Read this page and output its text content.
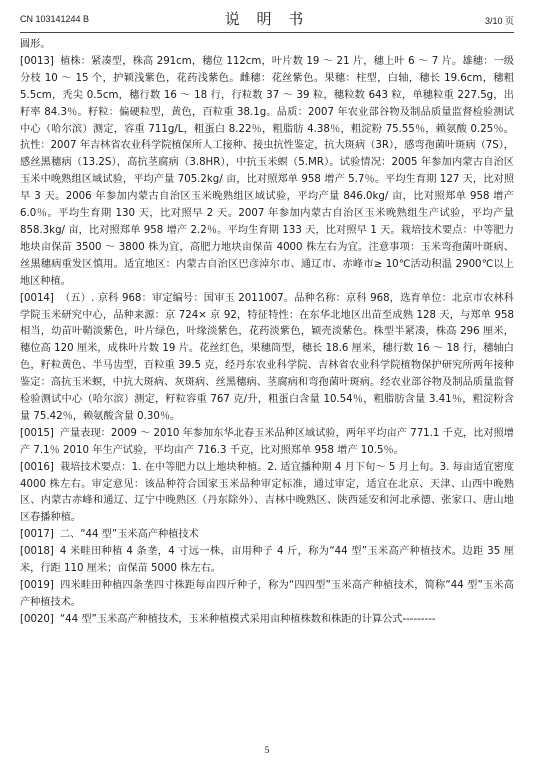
CN 103141244 B	说 明 书	3/10 页

圆形。

[0013] 植株：紧凑型，株高 291cm，穗位 112cm，叶片数 19 ～ 21 片，穗上叶 6 ～ 7 片。雄穗：一级分枝 10 ～ 15 个，护颖浅紫色，花药浅紫色。雌穗：花丝紫色。果穗：柱型，白轴，穗长 19.6cm，穗粗 5.5cm，秃尖 0.5cm，穗行数 16 ～ 18 行，行粒数 37 ～ 39 粒，穗粒数 643 粒，单穗粒重 227.5g，出籽率 84.3％。籽粒：偏硬粒型，黄色，百粒重 38.1g。品质：2007 年农业部谷物及制品质量监督检验测试中心（哈尔滨）测定，容重 711g/L，粗蛋白 8.22％，粗脂肪 4.38％，粗淀粉 75.55％，赖氨酸 0.25％。抗性：2007 年吉林省农业科学院植保所人工接种、接虫抗性鉴定，抗大斑病（3R），感弯孢菌叶斑病（7S），感丝黑穗病（13.2S），高抗茎腐病（3.8HR），中抗玉米螟（5.MR）。试验情况：2005 年参加内蒙古自治区玉米中晚熟组区域试验，平均产量 705.2kg/ 亩，比对照郑单 958 增产 5.7％。平均生育期 127 天，比对照早 3 天。2006 年参加内蒙古自治区玉米晚熟组区域试验，平均产量 846.0kg/ 亩，比对照郑单 958 增产 6.0％。平均生育期 130 天，比对照早 2 天。2007 年参加内蒙古自治区玉米晚熟组生产试验，平均产量 858.3kg/ 亩，比对照郑单 958 增产 2.2％。平均生育期 133 天，比对照早 1 天。栽培技术要点：中等肥力地块亩保苗 3500 ～ 3800 株为宜，高肥力地块亩保苗 4000 株左右为宜。注意事项：玉米弯孢菌叶斑病、丝黑穗病重发区慎用。适宜地区：内蒙古自治区巴彦淖尔市、通辽市、赤峰市≥ 10℃活动积温 2900℃以上地区种植。

[0014] （五）. 京科 968：审定编号：国审玉 2011007。品种名称：京科 968，选育单位：北京市农林科学院玉米研究中心，品种来源：京 724× 京 92，特征特性：在东华北地区出苗至成熟 128 天，与郑单 958 相当，幼苗叶鞘淡紫色，叶片绿色，叶缘淡紫色，花药淡紫色，颖壳淡紫色。株型半紧凑，株高 296 厘米，穗位高 120 厘米，成株叶片数 19 片。花丝红色，果穗筒型，穗长 18.6 厘米，穗行数 16 ～ 18 行，穗轴白色，籽粒黄色、半马齿型，百粒重 39.5 克，经丹东农业科学院、吉林省农业科学院植物保护研究所两年接种鉴定：高抗玉米螟，中抗大斑病、灰斑病、丝黑穗病、茎腐病和弯孢菌叶斑病。经农业部谷物及制品质量监督检验测试中心（哈尔滨）测定，籽粒容重 767 克/升，粗蛋白含量 10.54％，粗脂肪含量 3.41％，粗淀粉含量 75.42％，赖氨酸含量 0.30％。

[0015] 产量表现：2009 ～ 2010 年参加东华北春玉米品种区域试验，两年平均亩产 771.1 千克，比对照增产 7.1％ 2010 年生产试验，平均亩产 716.3 千克，比对照郑单 958 增产 10.5％。

[0016] 栽培技术要点：1. 在中等肥力以上地块种植。2. 适宜播种期 4 月下旬～ 5 月上旬。3. 每亩适宜密度 4000 株左右。审定意见：该品种符合国家玉米品种审定标准，通过审定，适宜在北京、天津、山西中晚熟区、内蒙古赤峰和通辽、辽宁中晚熟区（丹东除外）、吉林中晚熟区、陕西延安和河北承德、张家口、唐山地区春播种植。

[0017] 二、“44 型”玉米高产种植技术

[0018] 4 米畦田种植 4 条垄，4 寸远一株，亩用种子 4 斤，称为“44 型”玉米高产种植技术。边距 35 厘米，行距 110 厘米；亩保苗 5000 株左右。

[0019] 四米畦田种植四条垄四寸株距每亩四斤种子，称为“四四型”玉米高产种植技术，简称“44 型”玉米高产种植技术。

[0020] “44 型”玉米高产种植技术，玉米种植模式采用亩种植株数和株距的计算公式---------

5
